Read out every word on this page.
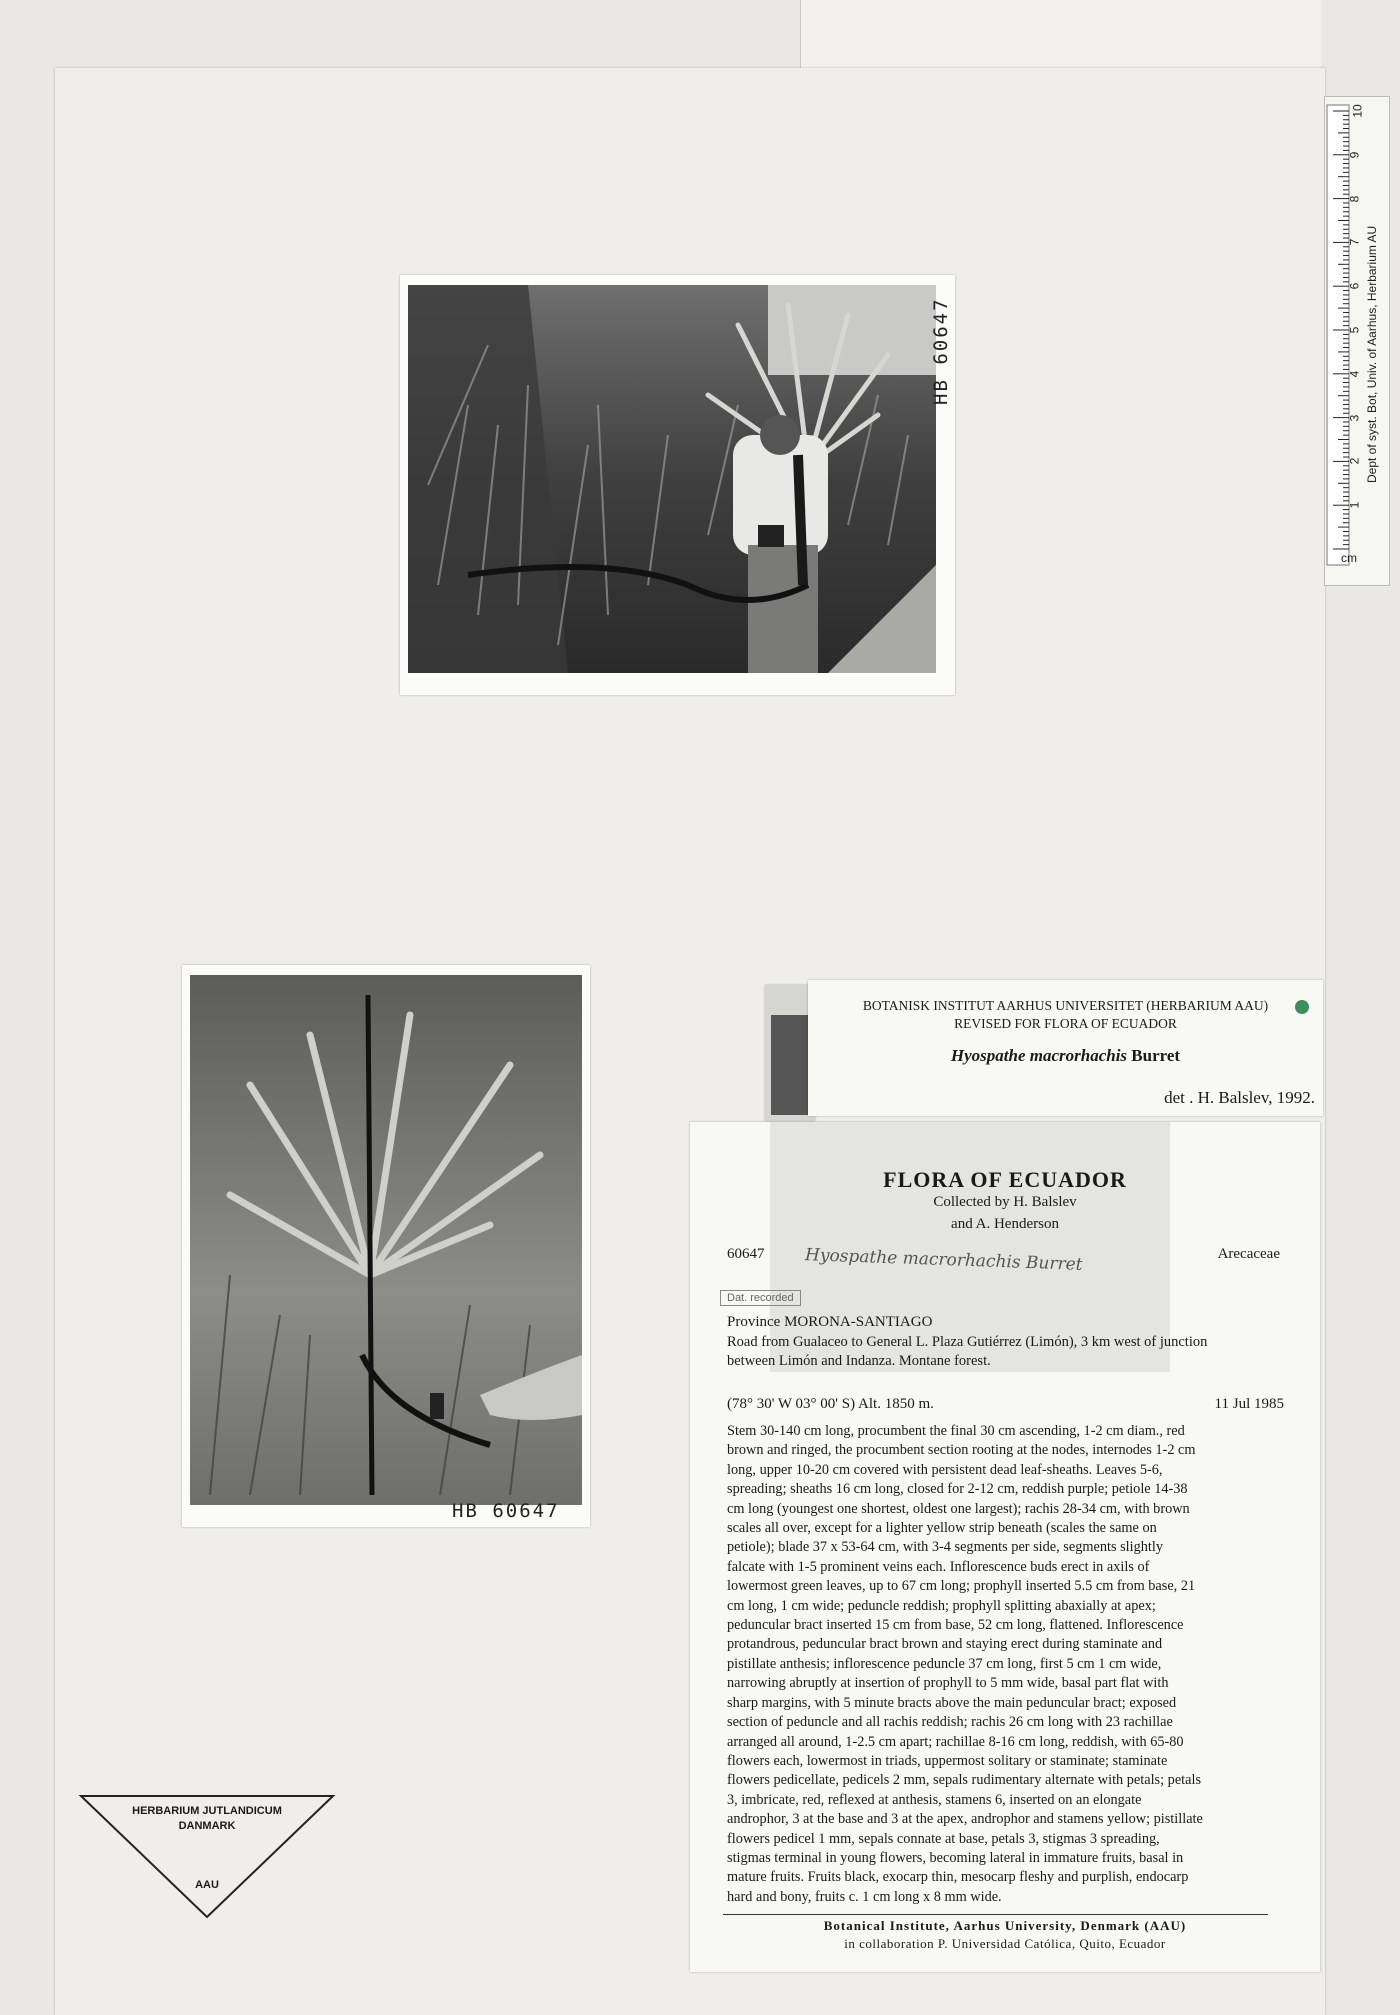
HB 60647
HB 60647
cm
1
2
3
4
5
6
7
8
9
10
Dept of syst. Bot, Univ. of Aarhus, Herbarium AU
BOTANISK INSTITUT AARHUS UNIVERSITET (HERBARIUM AAU)
REVISED FOR FLORA OF ECUADOR
Hyospathe macrorhachis Burret
det . H. Balslev, 1992.
FLORA OF ECUADOR
Collected by H. Balslev
and A. Henderson
60647 Hyospathe macrorhachis Burret	Arecaceae
Dat. recorded
Province MORONA-SANTIAGO
Road from Gualaceo to General L. Plaza Gutiérrez (Limón), 3 km west of junction
between Limón and Indanza. Montane forest.
(78° 30' W 03° 00' S) Alt. 1850 m.	11 Jul 1985
Stem 30-140 cm long, procumbent the final 30 cm ascending, 1-2 cm diam., red
brown and ringed, the procumbent section rooting at the nodes, internodes 1-2 cm
long, upper 10-20 cm covered with persistent dead leaf-sheaths. Leaves 5-6,
spreading; sheaths 16 cm long, closed for 2-12 cm, reddish purple; petiole 14-38
cm long (youngest one shortest, oldest one largest); rachis 28-34 cm, with brown
scales all over, except for a lighter yellow strip beneath (scales the same on
petiole); blade 37 x 53-64 cm, with 3-4 segments per side, segments slightly
falcate with 1-5 prominent veins each. Inflorescence buds erect in axils of
lowermost green leaves, up to 67 cm long; prophyll inserted 5.5 cm from base, 21
cm long, 1 cm wide; peduncle reddish; prophyll splitting abaxially at apex;
peduncular bract inserted 15 cm from base, 52 cm long, flattened. Inflorescence
protandrous, peduncular bract brown and staying erect during staminate and
pistillate anthesis; inflorescence peduncle 37 cm long, first 5 cm 1 cm wide,
narrowing abruptly at insertion of prophyll to 5 mm wide, basal part flat with
sharp margins, with 5 minute bracts above the main peduncular bract; exposed
section of peduncle and all rachis reddish; rachis 26 cm long with 23 rachillae
arranged all around, 1-2.5 cm apart; rachillae 8-16 cm long, reddish, with 65-80
flowers each, lowermost in triads, uppermost solitary or staminate; staminate
flowers pedicellate, pedicels 2 mm, sepals rudimentary alternate with petals; petals
3, imbricate, red, reflexed at anthesis, stamens 6, inserted on an elongate
androphor, 3 at the base and 3 at the apex, androphor and stamens yellow; pistillate
flowers pedicel 1 mm, sepals connate at base, petals 3, stigmas 3 spreading,
stigmas terminal in young flowers, becoming lateral in immature fruits, basal in
mature fruits. Fruits black, exocarp thin, mesocarp fleshy and purplish, endocarp
hard and bony, fruits c. 1 cm long x 8 mm wide.
Botanical Institute, Aarhus University, Denmark (AAU)
in collaboration P. Universidad Católica, Quito, Ecuador
HERBARIUM JUTLANDICUM
DANMARK
AAU
